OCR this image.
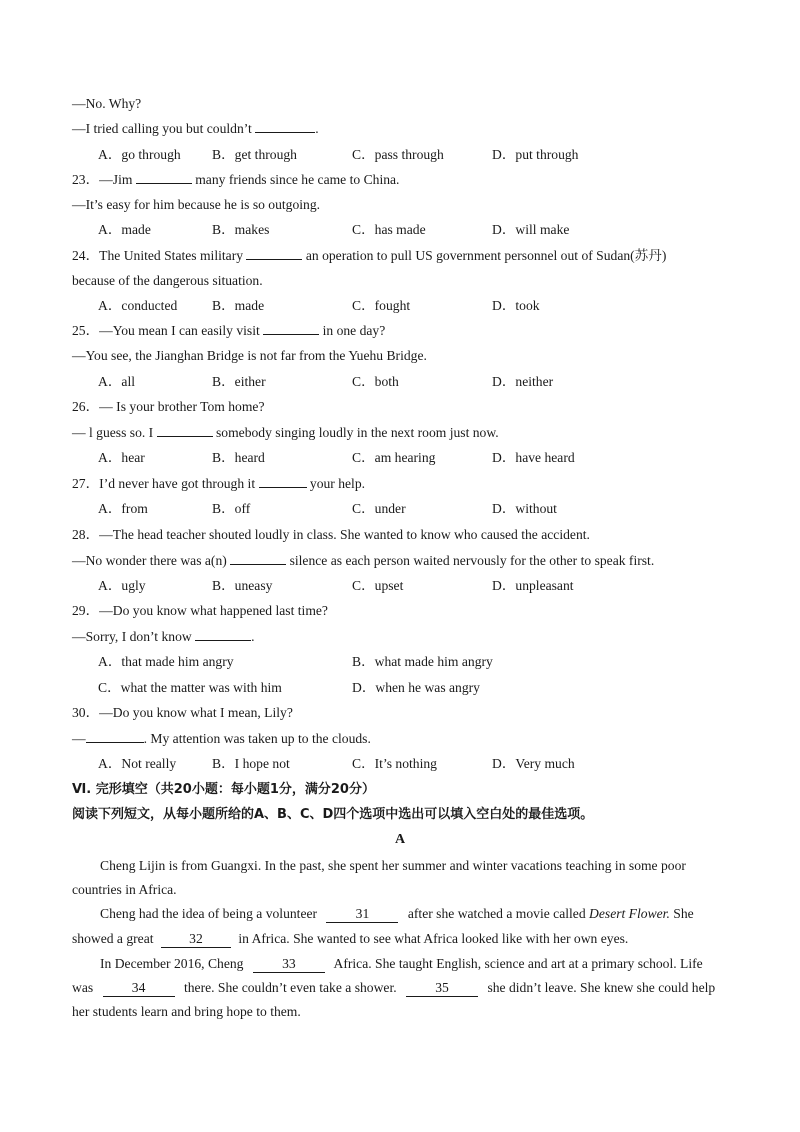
—No. Why?
—I tried calling you but couldn’t	.
A．go through B．get through	C．pass through	D．put through
23．—Jim	many friends since he came to China.
—It’s easy for him because he is so outgoing.
A．made	B．makes	C．has made	D．will make
24．The United States military	an operation to pull US government personnel out of Sudan(苏丹)
because of the dangerous situation.
A．conducted	B．made	C．fought	D．took
25．—You mean I can easily visit	in one day?
—You see, the Jianghan Bridge is not far from the Yuehu Bridge.
A．all	B．either	C．both	D．neither
26．— Is your brother Tom home?
— l guess so. I	somebody singing loudly in the next room just now.
A．hear	B．heard	C．am hearing	D．have heard
27．I’d never have got through it	your help.
A．from	B．off	C．under	D．without
28．—The head teacher shouted loudly in class. She wanted to know who caused the accident.
—No wonder there was a(n)	silence as each person waited nervously for the other to speak first.
A．ugly	B．uneasy	C．upset	D．unpleasant
29．—Do you know what happened last time?
—Sorry, I don’t know	.
A．that made him angry	B．what made him angry
C．what the matter was with him	D．when he was angry
30．—Do you know what I mean, Lily?
—	. My attention was taken up to the clouds.
A．Not really	B．I hope not	C．It’s nothing	D．Very much
Ⅵ. 完形填空（共20小题：每小题1分，满分20分）
阅读下列短文，从每小题所给的A、B、C、D四个选项中选出可以填入空白处的最佳选项。
A
Cheng Lijin is from Guangxi. In the past, she spent her summer and winter vacations teaching in some poor
countries in Africa.
Cheng had the idea of being a volunteer	31	after she watched a movie called Desert Flower. She
showed a great	32	in Africa. She wanted to see what Africa looked like with her own eyes.
In December 2016, Cheng	33	Africa. She taught English, science and art at a primary school. Life
was	34	there. She couldn’t even take a shower.	35	she didn’t leave. She knew she could help
her students learn and bring hope to them.
